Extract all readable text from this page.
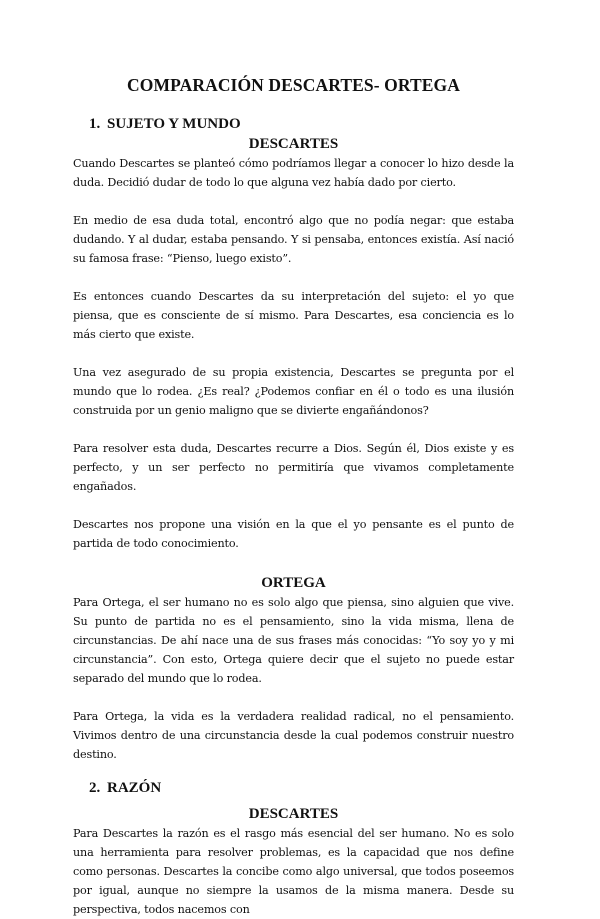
COMPARACIÓN DESCARTES- ORTEGA
1. SUJETO Y MUNDO
DESCARTES

Cuando Descartes se planteó cómo podríamos llegar a conocer lo hizo desde la duda. Decidió dudar de todo lo que alguna vez había dado por cierto.

En medio de esa duda total, encontró algo que no podía negar: que estaba dudando. Y al dudar, estaba pensando. Y si pensaba, entonces existía. Así nació su famosa frase: “Pienso, luego existo”.

Es entonces cuando Descartes da su interpretación del sujeto: el yo que piensa, que es consciente de sí mismo. Para Descartes, esa conciencia es lo más cierto que existe.

Una vez asegurado de su propia existencia, Descartes se pregunta por el mundo que lo rodea. ¿Es real? ¿Podemos confiar en él o todo es una ilusión construida por un genio maligno que se divierte engañándonos?

Para resolver esta duda, Descartes recurre a Dios. Según él, Dios existe y es perfecto, y un ser perfecto no permitiría que vivamos completamente engañados.

Descartes nos propone una visión en la que el yo pensante es el punto de partida de todo conocimiento.

ORTEGA

Para Ortega, el ser humano no es solo algo que piensa, sino alguien que vive. Su punto de partida no es el pensamiento, sino la vida misma, llena de circunstancias. De ahí nace una de sus frases más conocidas: “Yo soy yo y mi circunstancia”. Con esto, Ortega quiere decir que el sujeto no puede estar separado del mundo que lo rodea.

Para Ortega, la vida es la verdadera realidad radical, no el pensamiento. Vivimos dentro de una circunstancia desde la cual podemos construir nuestro destino.

2. RAZÓN
DESCARTES

Para Descartes la razón es el rasgo más esencial del ser humano. No es solo una herramienta para resolver problemas, es la capacidad que nos define como personas. Descartes la concibe como algo universal, que todos poseemos por igual, aunque no siempre la usamos de la misma manera. Desde su perspectiva, todos nacemos con
